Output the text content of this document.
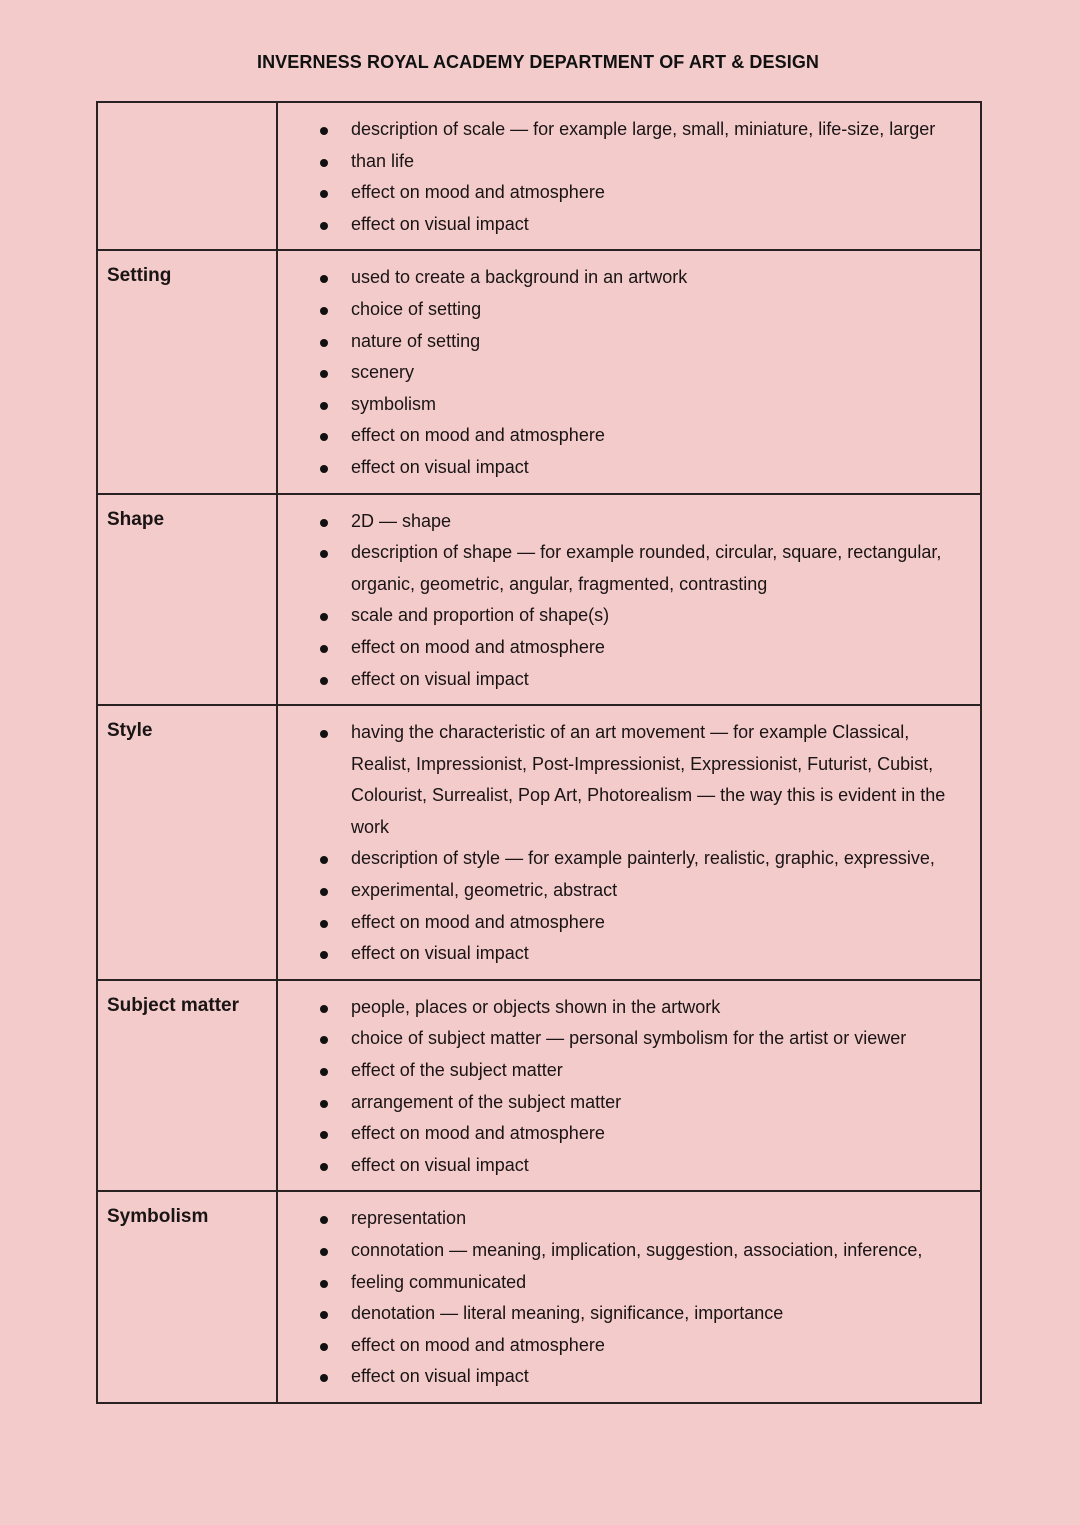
INVERNESS ROYAL ACADEMY DEPARTMENT OF ART & DESIGN

description of scale — for example large, small, miniature, life-size, larger
than life
effect on mood and atmosphere
effect on visual impact

Setting	used to create a background in an artwork
choice of setting
nature of setting
scenery
symbolism
effect on mood and atmosphere
effect on visual impact

Shape	2D — shape
description of shape — for example rounded, circular, square, rectangular, organic, geometric, angular, fragmented, contrasting
scale and proportion of shape(s)
effect on mood and atmosphere
effect on visual impact

Style	having the characteristic of an art movement — for example Classical, Realist, Impressionist, Post-Impressionist, Expressionist, Futurist, Cubist, Colourist, Surrealist, Pop Art, Photorealism — the way this is evident in the work
description of style — for example painterly, realistic, graphic, expressive,
experimental, geometric, abstract
effect on mood and atmosphere
effect on visual impact

Subject matter	people, places or objects shown in the artwork
choice of subject matter — personal symbolism for the artist or viewer
effect of the subject matter
arrangement of the subject matter
effect on mood and atmosphere
effect on visual impact

Symbolism	representation
connotation — meaning, implication, suggestion, association, inference,
feeling communicated
denotation — literal meaning, significance, importance
effect on mood and atmosphere
effect on visual impact
